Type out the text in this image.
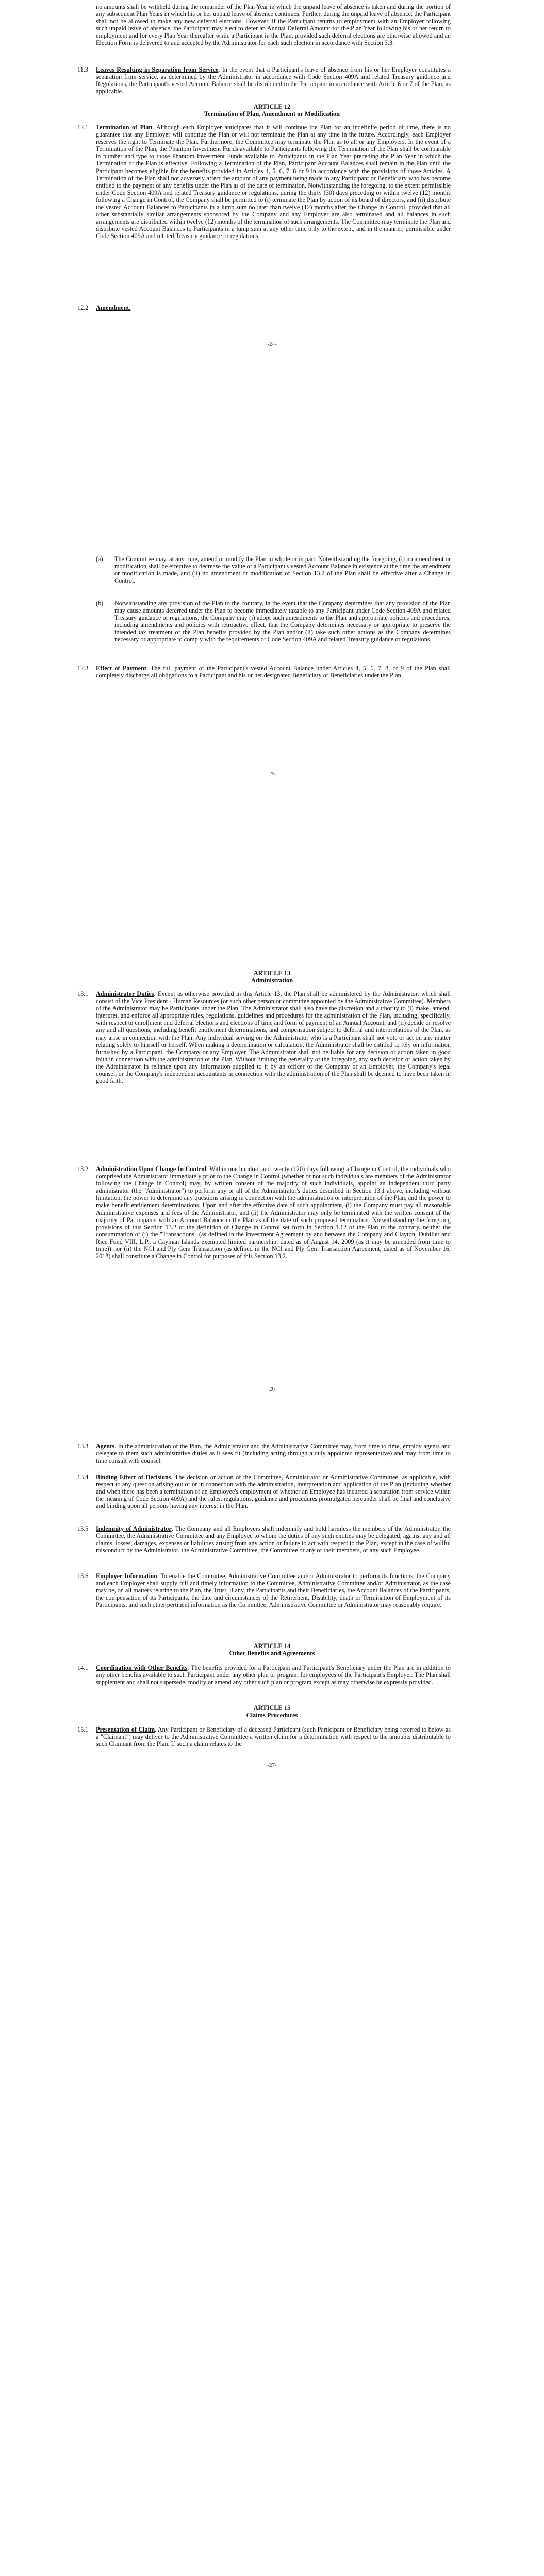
no amounts shall be withheld during the remainder of the Plan Year in which the unpaid leave of absence is taken and during the portion of any subsequent Plan Years in which his or her unpaid leave of absence continues. Further, during the unpaid leave of absence, the Participant shall not be allowed to make any new deferral elections. However, if the Participant returns to employment with an Employer following such unpaid leave of absence, the Participant may elect to defer an Annual Deferral Amount for the Plan Year following his or her return to employment and for every Plan Year thereafter while a Participant in the Plan, provided such deferral elections are otherwise allowed and an Election Form is delivered to and accepted by the Administrator for each such election in accordance with Section 3.3.

11.3 Leaves Resulting in Separation from Service. In the event that a Participant's leave of absence from his or her Employer constitutes a separation from service, as determined by the Administrator in accordance with Code Section 409A and related Treasury guidance and Regulations, the Participant's vested Account Balance shall be distributed to the Participant in accordance with Article 6 or 7 of the Plan, as applicable.

ARTICLE 12

Termination of Plan, Amendment or Modification

12.1 Termination of Plan. Although each Employer anticipates that it will continue the Plan for an indefinite period of time, there is no guarantee that any Employer will continue the Plan or will not terminate the Plan at any time in the future. Accordingly, each Employer reserves the right to Terminate the Plan. Furthermore, the Committee may terminate the Plan as to all or any Employers. In the event of a Termination of the Plan, the Phantom Investment Funds available to Participants following the Termination of the Plan shall be comparable in number and type to those Phantom Investment Funds available to Participants in the Plan Year preceding the Plan Year in which the Termination of the Plan is effective. Following a Termination of the Plan, Participant Account Balances shall remain in the Plan until the Participant becomes eligible for the benefits provided in Articles 4, 5, 6, 7, 8 or 9 in accordance with the provisions of those Articles. A Termination of the Plan shall not adversely affect the amount of any payment being made to any Participant or Beneficiary who has become entitled to the payment of any benefits under the Plan as of the date of termination. Notwithstanding the foregoing, to the extent permissible under Code Section 409A and related Treasury guidance or regulations, during the thirty (30) days preceding or within twelve (12) months following a Change in Control, the Company shall be permitted to (i) terminate the Plan by action of its board of directors, and (ii) distribute the vested Account Balances to Participants in a lump sum no later than twelve (12) months after the Change in Control, provided that all other substantially similar arrangements sponsored by the Company and any Employer are also terminated and all balances in such arrangements are distributed within twelve (12) months of the termination of such arrangements. The Committee may terminate the Plan and distribute vested Account Balances to Participants in a lump sum at any other time only to the extent, and in the manner, permissible under Code Section 409A and related Treasury guidance or regulations.

12.2 Amendment.

-24-

(a) The Committee may, at any time, amend or modify the Plan in whole or in part. Notwithstanding the foregoing, (i) no amendment or modification shall be effective to decrease the value of a Participant's vested Account Balance in existence at the time the amendment or modification is made, and (ii) no amendment or modification of Section 13.2 of the Plan shall be effective after a Change in Control.

(b) Notwithstanding any provision of the Plan to the contrary, in the event that the Company determines that any provision of the Plan may cause amounts deferred under the Plan to become immediately taxable to any Participant under Code Section 409A and related Treasury guidance or regulations, the Company may (i) adopt such amendments to the Plan and appropriate policies and procedures, including amendments and policies with retroactive effect, that the Company determines necessary or appropriate to preserve the intended tax treatment of the Plan benefits provided by the Plan and/or (ii) take such other actions as the Company determines necessary or appropriate to comply with the requirements of Code Section 409A and related Treasury guidance or regulations.

12.3 Effect of Payment. The full payment of the Participant's vested Account Balance under Articles 4, 5, 6, 7, 8, or 9 of the Plan shall completely discharge all obligations to a Participant and his or her designated Beneficiary or Beneficiaries under the Plan.

-25-

ARTICLE 13

Administration

13.1 Administrator Duties. Except as otherwise provided in this Article 13, the Plan shall be administered by the Administrator, which shall consist of the Vice President - Human Resources (or such other person or committee appointed by the Administrative Committee). Members of the Administrator may be Participants under the Plan. The Administrator shall also have the discretion and authority to (i) make, amend, interpret, and enforce all appropriate rules, regulations, guidelines and procedures for the administration of the Plan, including, specifically, with respect to enrollment and deferral elections and elections of time and form of payment of an Annual Account, and (ii) decide or resolve any and all questions, including benefit entitlement determinations, and compensation subject to deferral and interpretations of the Plan, as may arise in connection with the Plan. Any individual serving on the Administrator who is a Participant shall not vote or act on any matter relating solely to himself or herself. When making a determination or calculation, the Administrator shall be entitled to rely on information furnished by a Participant, the Company or any Employer. The Administrator shall not be liable for any decision or action taken in good faith in connection with the administration of the Plan. Without limiting the generality of the foregoing, any such decision or action taken by the Administrator in reliance upon any information supplied to it by an officer of the Company or an Employer, the Company's legal counsel, or the Company's independent accountants in connection with the administration of the Plan shall be deemed to have been taken in good faith.

13.2 Administration Upon Change In Control. Within one hundred and twenty (120) days following a Change in Control, the individuals who comprised the Administrator immediately prior to the Change in Control (whether or not such individuals are members of the Administrator following the Change in Control) may, by written consent of the majority of such individuals, appoint an independent third party administrator (the "Administrator") to perform any or all of the Administrator's duties described in Section 13.1 above, including without limitation, the power to determine any questions arising in connection with the administration or interpretation of the Plan, and the power to make benefit entitlement determinations. Upon and after the effective date of such appointment, (i) the Company must pay all reasonable Administrative expenses and fees of the Administrator, and (ii) the Administrator may only be terminated with the written consent of the majority of Participants with an Account Balance in the Plan as of the date of such proposed termination. Notwithstanding the foregoing provisions of this Section 13.2 or the definition of Change in Control set forth in Section 1.12 of the Plan to the contrary, neither the consummation of (i) the "Transactions" (as defined in the Investment Agreement by and between the Company and Clayton, Dubilier and Rice Fund VIII, L.P., a Cayman Islands exempted limited partnership, dated as of August 14, 2009 (as it may be amended from time to time)) nor (ii) the NCI and Ply Gem Transaction (as defined in the NCI and Ply Gem Transaction Agreement, dated as of November 16, 2018) shall constitute a Change in Control for purposes of this Section 13.2.

-26-

13.3 Agents. In the administration of the Plan, the Administrator and the Administrative Committee may, from time to time, employ agents and delegate to them such administrative duties as it sees fit (including acting through a duly appointed representative) and may from time to time consult with counsel.

13.4 Binding Effect of Decisions. The decision or action of the Committee, Administrator or Administrative Committee, as applicable, with respect to any question arising out of or in connection with the administration, interpretation and application of the Plan (including whether and when there has been a termination of an Employee's employment or whether an Employee has incurred a separation from service within the meaning of Code Section 409A) and the rules, regulations, guidance and procedures promulgated hereunder shall be final and conclusive and binding upon all persons having any interest in the Plan.

13.5 Indemnity of Administrator. The Company and all Employers shall indemnify and hold harmless the members of the Administrator, the Committee, the Administrative Committee and any Employee to whom the duties of any such entities may be delegated, against any and all claims, losses, damages, expenses or liabilities arising from any action or failure to act with respect to the Plan, except in the case of willful misconduct by the Administrator, the Administrative Committee, the Committee or any of their members, or any such Employee.

13.6 Employer Information. To enable the Committee, Administrative Committee and/or Administrator to perform its functions, the Company and each Employer shall supply full and timely information to the Committee, Administrative Committee and/or Administrator, as the case may be, on all matters relating to the Plan, the Trust, if any, the Participants and their Beneficiaries, the Account Balances of the Participants, the compensation of its Participants, the date and circumstances of the Retirement, Disability, death or Termination of Employment of its Participants, and such other pertinent information as the Committee, Administrative Committee or Administrator may reasonably require.

ARTICLE 14

Other Benefits and Agreements

14.1 Coordination with Other Benefits. The benefits provided for a Participant and Participant's Beneficiary under the Plan are in addition to any other benefits available to such Participant under any other plan or program for employees of the Participant's Employer. The Plan shall supplement and shall not supersede, modify or amend any other such plan or program except as may otherwise be expressly provided.

ARTICLE 15

Claims Procedures

15.1 Presentation of Claim. Any Participant or Beneficiary of a deceased Participant (such Participant or Beneficiary being referred to below as a "Claimant") may deliver to the Administrative Committee a written claim for a determination with respect to the amounts distributable to such Claimant from the Plan. If such a claim relates to the

-27-
